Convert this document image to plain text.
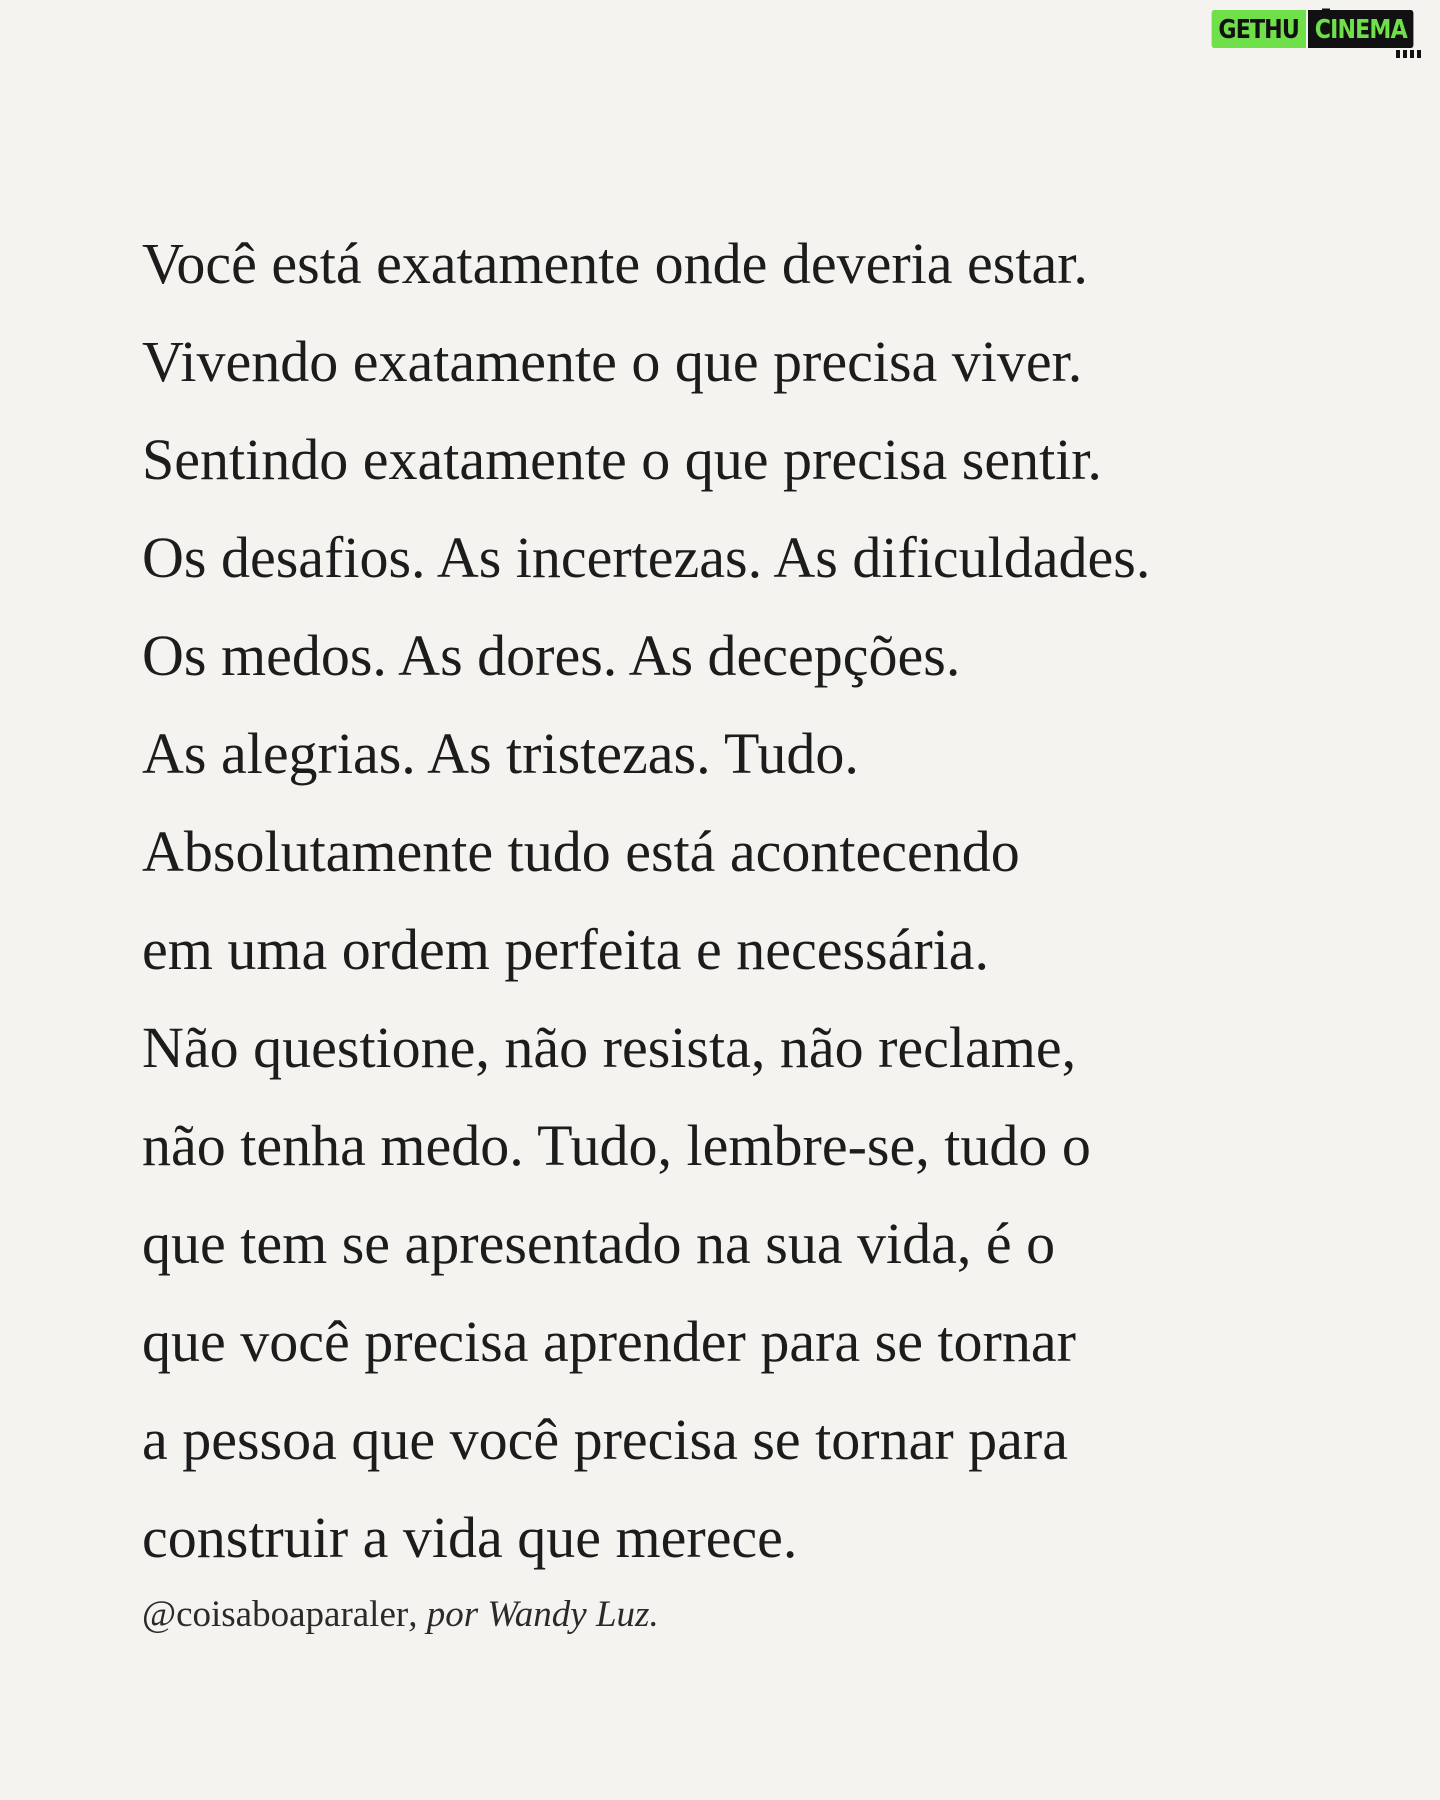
GETHU CINEMA

Você está exatamente onde deveria estar.

Vivendo exatamente o que precisa viver.

Sentindo exatamente o que precisa sentir.

Os desafios. As incertezas. As dificuldades.

Os medos. As dores. As decepções.

As alegrias. As tristezas. Tudo.

Absolutamente tudo está acontecendo

em uma ordem perfeita e necessária.

Não questione, não resista, não reclame,

não tenha medo. Tudo, lembre-se, tudo o

que tem se apresentado na sua vida, é o

que você precisa aprender para se tornar

a pessoa que você precisa se tornar para

construir a vida que merece.

@coisaboaparaler, por Wandy Luz.
